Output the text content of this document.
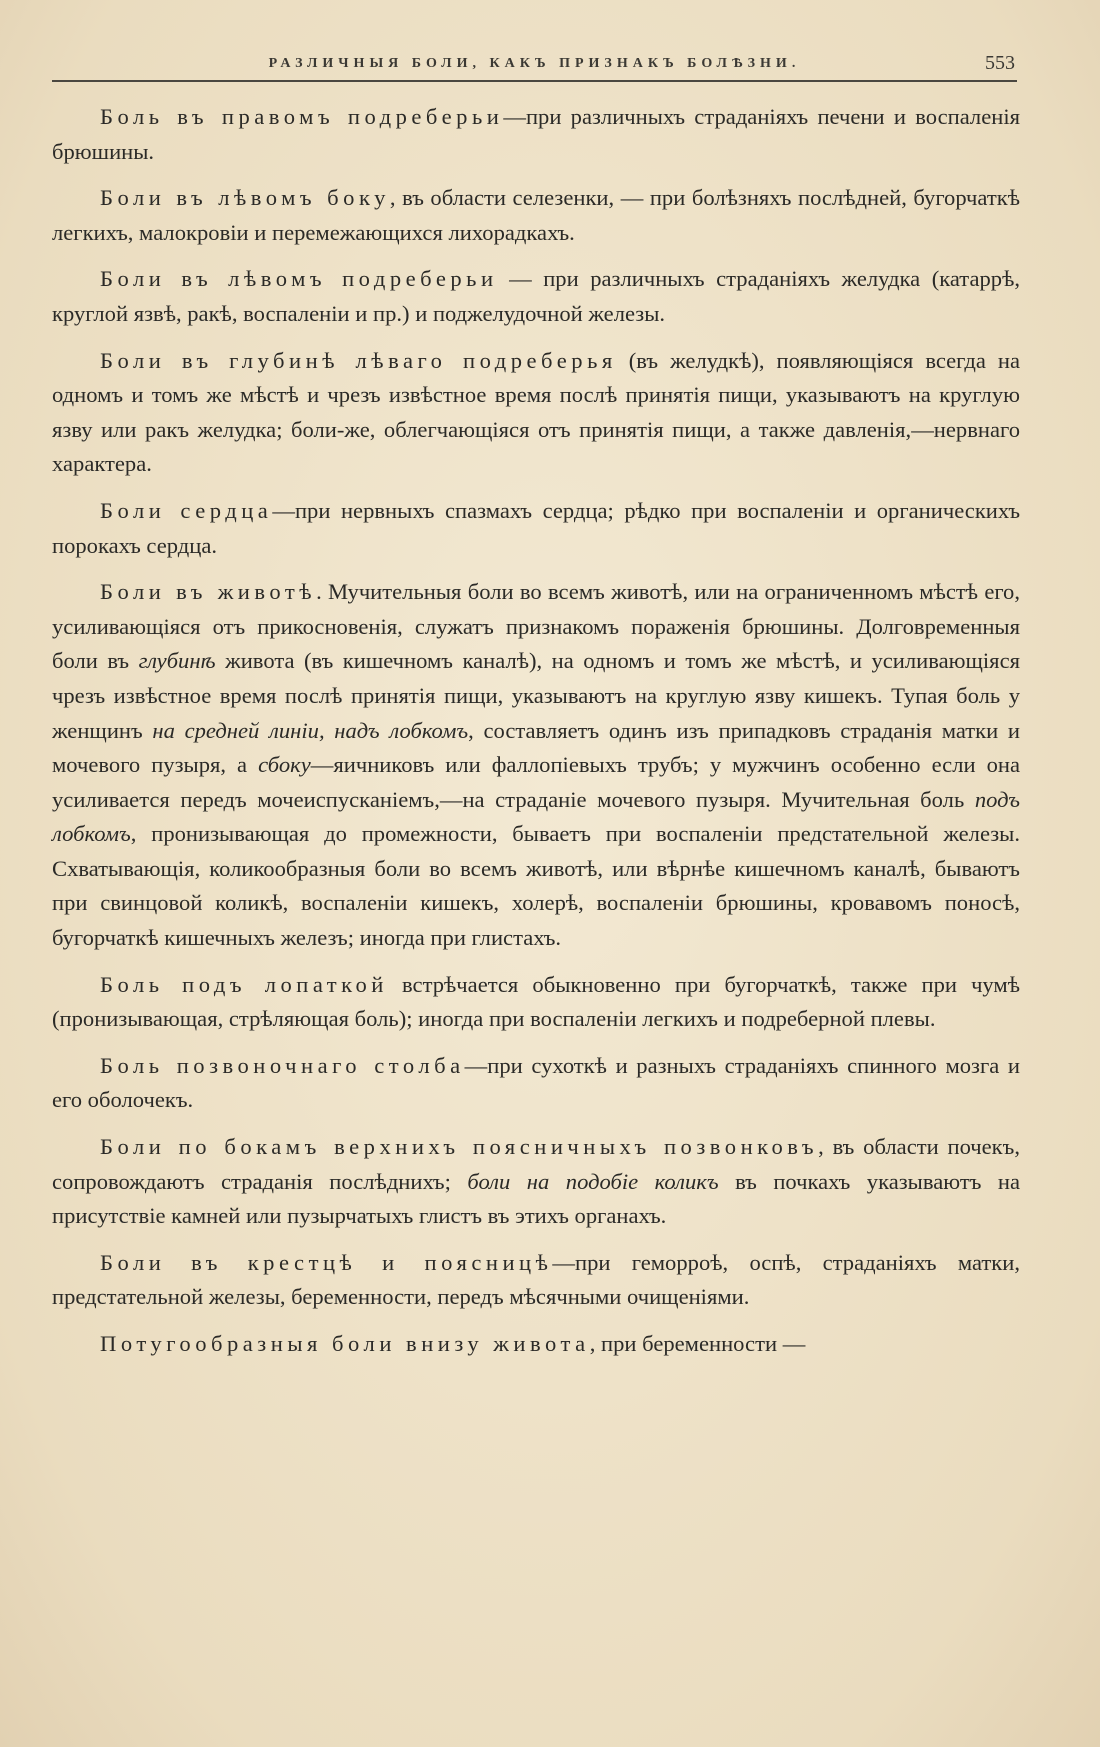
РАЗЛИЧНЫЯ БОЛИ, КАКЪ ПРИЗНАКЪ БОЛѢЗНИ.	553

Боль въ правомъ подреберьи—при различныхъ страданіяхъ печени и воспаленія брюшины.

Боли въ лѣвомъ боку, въ области селезенки, — при болѣзняхъ послѣдней, бугорчаткѣ легкихъ, малокровіи и перемежающихся лихорадкахъ.

Боли въ лѣвомъ подреберьи — при различныхъ страданіяхъ желудка (катаррѣ, круглой язвѣ, ракѣ, воспаленіи и пр.) и поджелудочной железы.

Боли въ глубинѣ лѣваго подреберья (въ желудкѣ), появляющіяся всегда на одномъ и томъ же мѣстѣ и чрезъ извѣстное время послѣ принятія пищи, указываютъ на круглую язву или ракъ желудка; боли-же, облегчающіяся отъ принятія пищи, а также давленія,—нервнаго характера.

Боли сердца—при нервныхъ спазмахъ сердца; рѣдко при воспаленіи и органическихъ порокахъ сердца.

Боли въ животѣ. Мучительныя боли во всемъ животѣ, или на ограниченномъ мѣстѣ его, усиливающіяся отъ прикосновенія, служатъ признакомъ пораженія брюшины. Долговременныя боли въ глубинѣ живота (въ кишечномъ каналѣ), на одномъ и томъ же мѣстѣ, и усиливающіяся чрезъ извѣстное время послѣ принятія пищи, указываютъ на круглую язву кишекъ. Тупая боль у женщинъ на средней линіи, надъ лобкомъ, составляетъ одинъ изъ припадковъ страданія матки и мочевого пузыря, а сбоку—яичниковъ или фаллопіевыхъ трубъ; у мужчинъ особенно если она усиливается передъ мочеиспусканіемъ,—на страданіе мочевого пузыря. Мучительная боль подъ лобкомъ, пронизывающая до промежности, бываетъ при воспаленіи предстательной железы. Схватывающія, коликообразныя боли во всемъ животѣ, или вѣрнѣе кишечномъ каналѣ, бываютъ при свинцовой коликѣ, воспаленіи кишекъ, холерѣ, воспаленіи брюшины, кровавомъ поносѣ, бугорчаткѣ кишечныхъ железъ; иногда при глистахъ.

Боль подъ лопаткой встрѣчается обыкновенно при бугорчаткѣ, также при чумѣ (пронизывающая, стрѣляющая боль); иногда при воспаленіи легкихъ и подреберной плевы.

Боль позвоночнаго столба—при сухоткѣ и разныхъ страданіяхъ спинного мозга и его оболочекъ.

Боли по бокамъ верхнихъ поясничныхъ позвонковъ, въ области почекъ, сопровождаютъ страданія послѣднихъ; боли на подобіе коликъ въ почкахъ указываютъ на присутствіе камней или пузырчатыхъ глистъ въ этихъ органахъ.

Боли въ крестцѣ и поясницѣ—при геморроѣ, оспѣ, страданіяхъ матки, предстательной железы, беременности, передъ мѣсячными очищеніями.

Потугообразныя боли внизу живота, при беременности —
